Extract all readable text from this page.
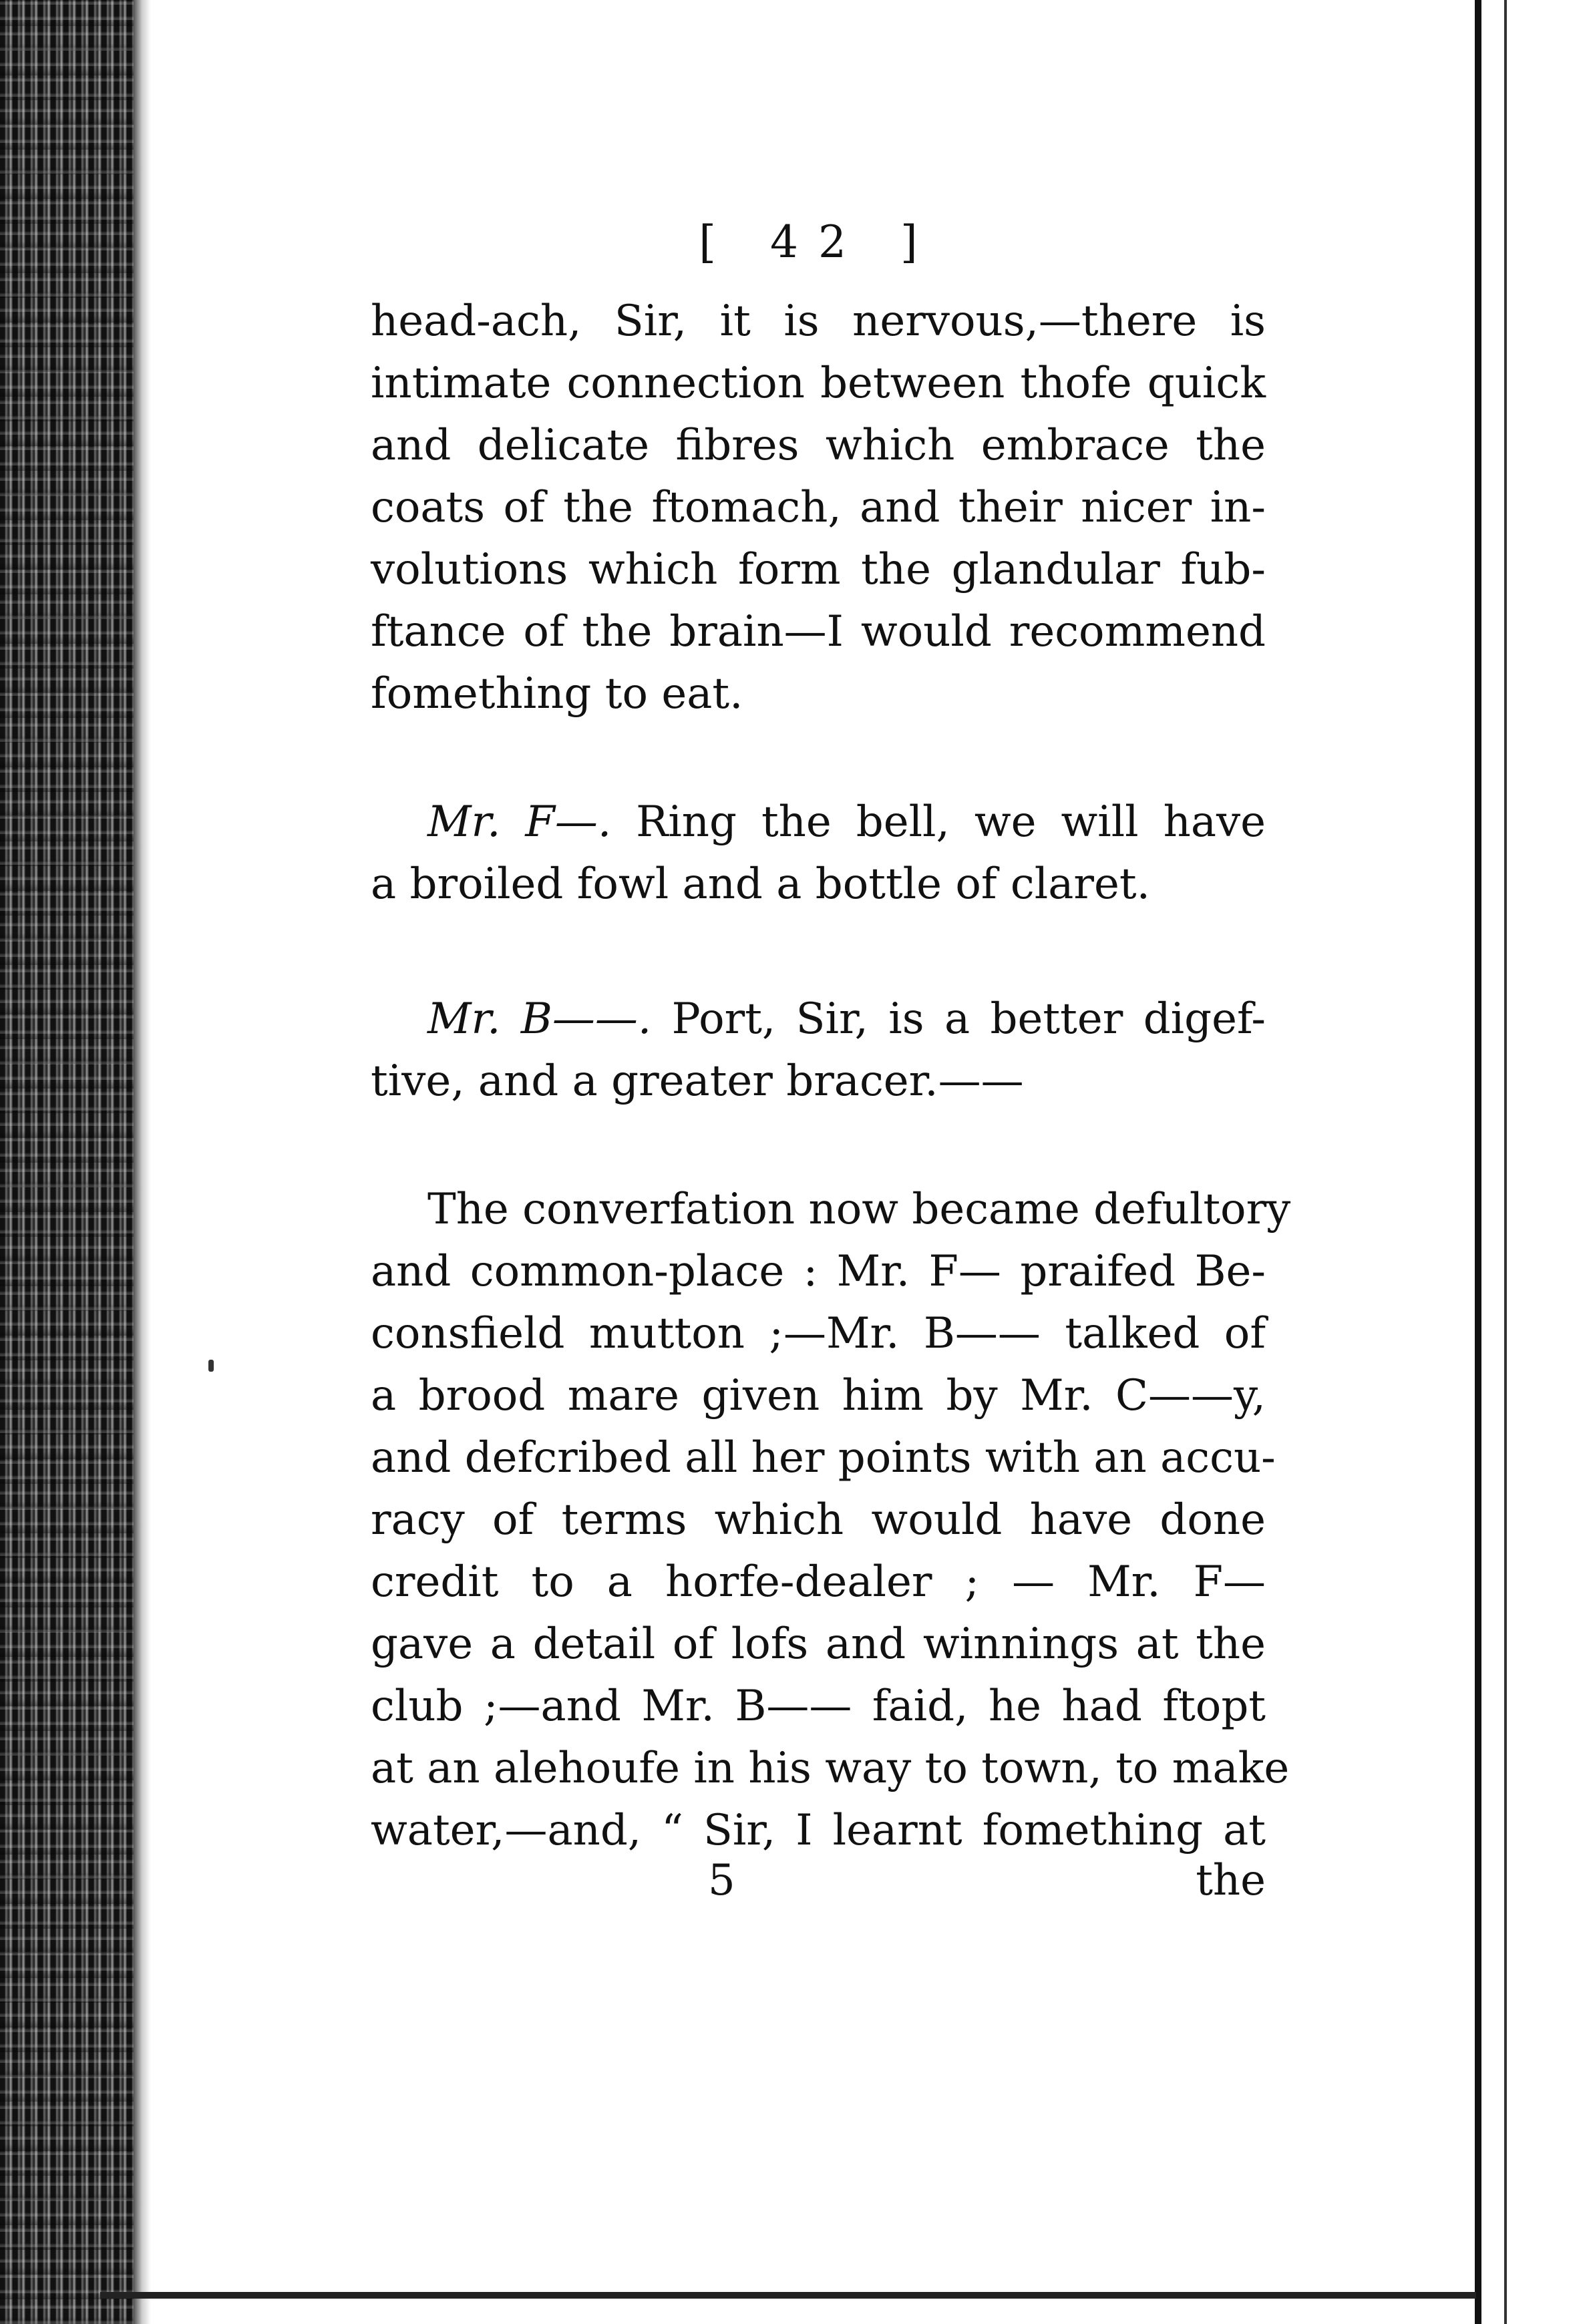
[ 42 ]
head-ach, Sir, it is nervous,—there is
intimate connection between thofe quick
and delicate fibres which embrace the
coats of the ftomach, and their nicer in-
volutions which form the glandular fub-
ftance of the brain—I would recommend
fomething to eat.
Mr. F—. Ring the bell, we will have
a broiled fowl and a bottle of claret.
Mr. B——. Port, Sir, is a better digef-
tive, and a greater bracer.——
The converfation now became defultory
and common-place : Mr. F— praifed Be-
consfield mutton ;—Mr. B—— talked of
a brood mare given him by Mr. C——y,
and defcribed all her points with an accu-
racy of terms which would have done
credit to a horfe-dealer ; — Mr. F—
gave a detail of lofs and winnings at the
club ;—and Mr. B—— faid, he had ftopt
at an alehoufe in his way to town, to make
water,—and, “ Sir, I learnt fomething at
5	the
